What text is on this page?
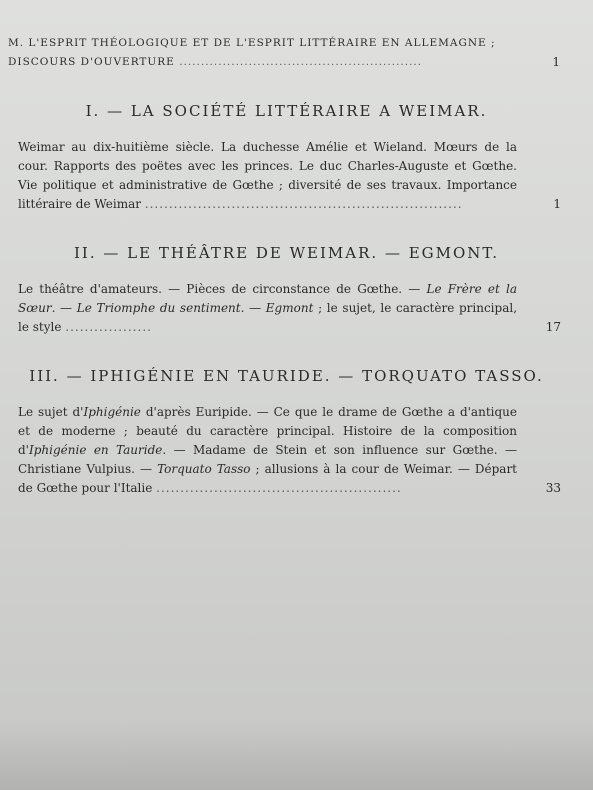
M. L'ESPRIT THÉOLOGIQUE ET DE L'ESPRIT LITTÉRAIRE EN ALLEMAGNE ; DISCOURS D'OUVERTURE ........................................................	1
I. — LA SOCIÉTÉ LITTÉRAIRE A WEIMAR.
Weimar au dix-huitième siècle. La duchesse Amélie et Wieland. Mœurs de la cour. Rapports des poëtes avec les princes. Le duc Charles-Auguste et Gœthe. Vie politique et administrative de Gœthe ; diversité de ses travaux. Importance littéraire de Weimar ..................................................................	1
II. — LE THÉÂTRE DE WEIMAR. — EGMONT.
Le théâtre d'amateurs. — Pièces de circonstance de Gœthe. — Le Frère et la Sœur. — Le Triomphe du sentiment. — Egmont ; le sujet, le caractère principal, le style ..................	17
III. — IPHIGÉNIE EN TAURIDE. — TORQUATO TASSO.
Le sujet d'Iphigénie d'après Euripide. — Ce que le drame de Gœthe a d'antique et de moderne ; beauté du caractère principal. Histoire de la composition d'Iphigénie en Tauride. — Madame de Stein et son influence sur Gœthe. — Christiane Vulpius. — Torquato Tasso ; allusions à la cour de Weimar. — Départ de Gœthe pour l'Italie ...................................................	33
